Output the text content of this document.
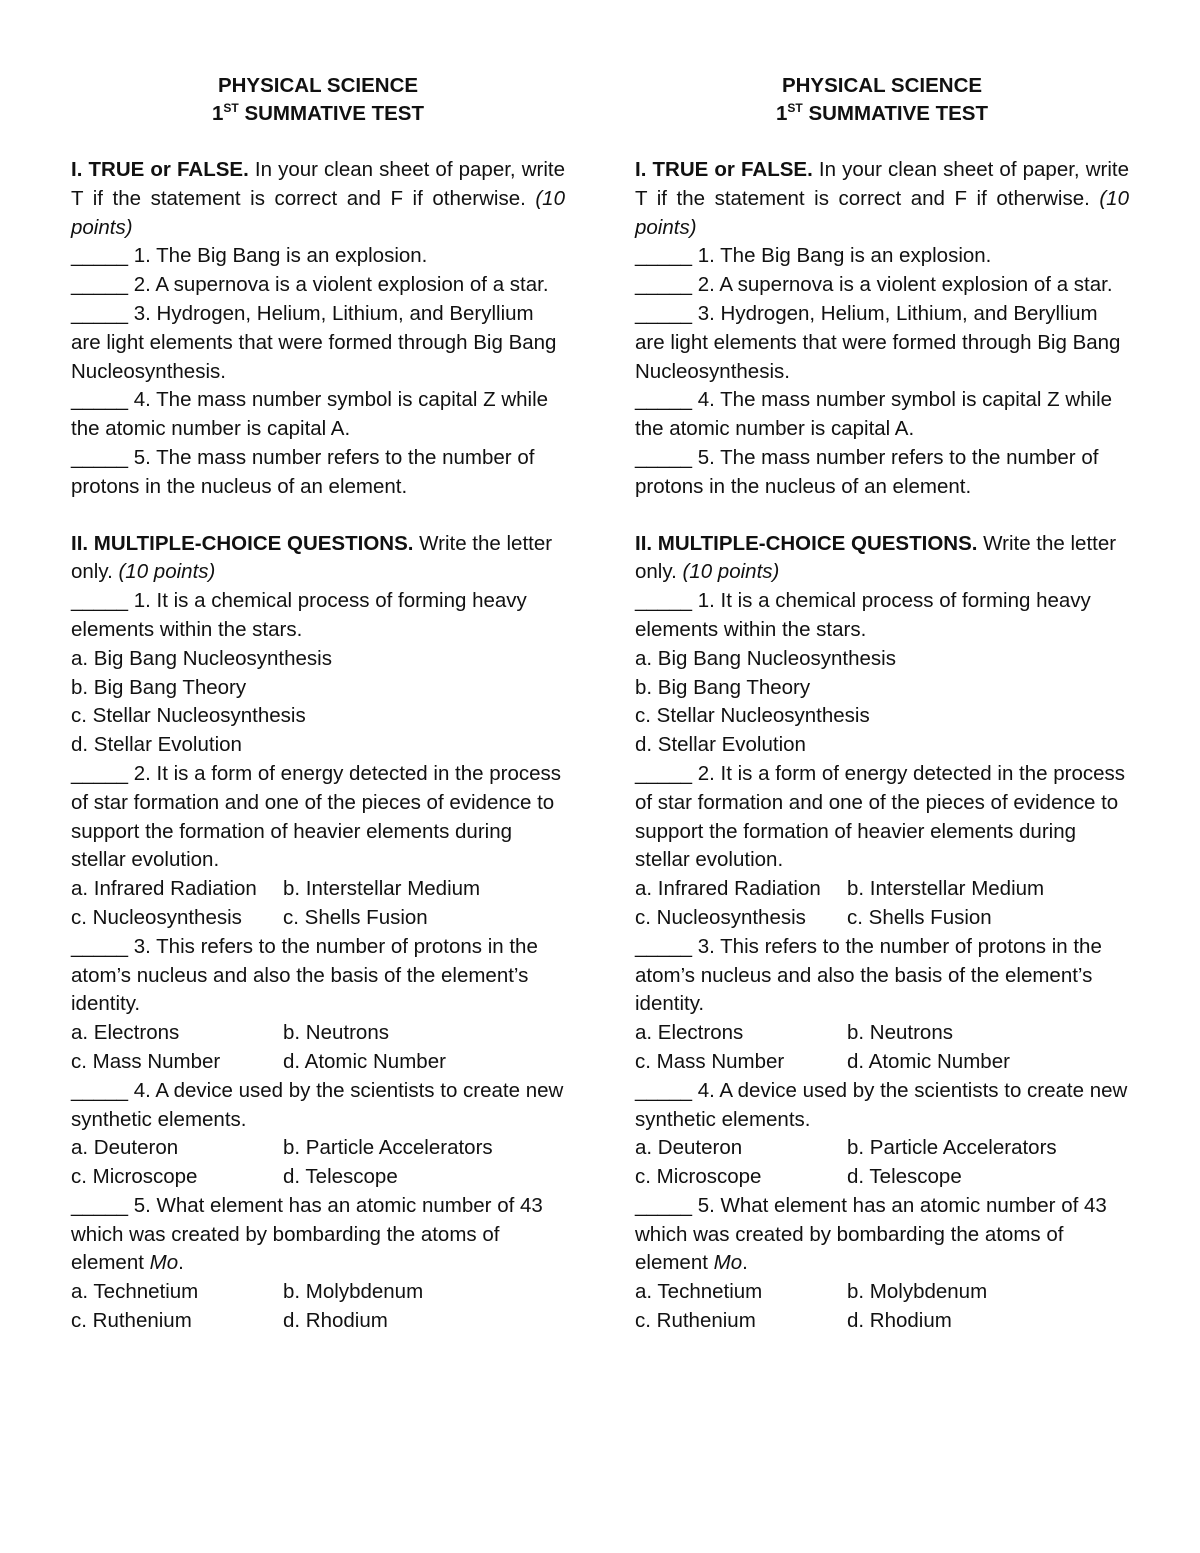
PHYSICAL SCIENCE
1ST SUMMATIVE TEST
I. TRUE or FALSE. In your clean sheet of paper, write T if the statement is correct and F if otherwise. (10 points)
_____ 1. The Big Bang is an explosion.
_____ 2. A supernova is a violent explosion of a star.
_____ 3. Hydrogen, Helium, Lithium, and Beryllium are light elements that were formed through Big Bang Nucleosynthesis.
_____ 4. The mass number symbol is capital Z while the atomic number is capital A.
_____ 5. The mass number refers to the number of protons in the nucleus of an element.
II. MULTIPLE-CHOICE QUESTIONS. Write the letter only. (10 points)
_____ 1. It is a chemical process of forming heavy elements within the stars.
a. Big Bang Nucleosynthesis
b. Big Bang Theory
c. Stellar Nucleosynthesis
d. Stellar Evolution
_____ 2. It is a form of energy detected in the process of star formation and one of the pieces of evidence to support the formation of heavier elements during stellar evolution.
a. Infrared Radiation	b. Interstellar Medium
c. Nucleosynthesis	c. Shells Fusion
_____ 3. This refers to the number of protons in the atom’s nucleus and also the basis of the element’s identity.
a. Electrons	b. Neutrons
c. Mass Number	d. Atomic Number
_____ 4. A device used by the scientists to create new synthetic elements.
a. Deuteron	b. Particle Accelerators
c. Microscope	d. Telescope
_____ 5. What element has an atomic number of 43 which was created by bombarding the atoms of element Mo.
a. Technetium	b. Molybdenum
c. Ruthenium	d. Rhodium
PHYSICAL SCIENCE
1ST SUMMATIVE TEST
I. TRUE or FALSE. In your clean sheet of paper, write T if the statement is correct and F if otherwise. (10 points)
_____ 1. The Big Bang is an explosion.
_____ 2. A supernova is a violent explosion of a star.
_____ 3. Hydrogen, Helium, Lithium, and Beryllium are light elements that were formed through Big Bang Nucleosynthesis.
_____ 4. The mass number symbol is capital Z while the atomic number is capital A.
_____ 5. The mass number refers to the number of protons in the nucleus of an element.
II. MULTIPLE-CHOICE QUESTIONS. Write the letter only. (10 points)
_____ 1. It is a chemical process of forming heavy elements within the stars.
a. Big Bang Nucleosynthesis
b. Big Bang Theory
c. Stellar Nucleosynthesis
d. Stellar Evolution
_____ 2. It is a form of energy detected in the process of star formation and one of the pieces of evidence to support the formation of heavier elements during stellar evolution.
a. Infrared Radiation	b. Interstellar Medium
c. Nucleosynthesis	c. Shells Fusion
_____ 3. This refers to the number of protons in the atom’s nucleus and also the basis of the element’s identity.
a. Electrons	b. Neutrons
c. Mass Number	d. Atomic Number
_____ 4. A device used by the scientists to create new synthetic elements.
a. Deuteron	b. Particle Accelerators
c. Microscope	d. Telescope
_____ 5. What element has an atomic number of 43 which was created by bombarding the atoms of element Mo.
a. Technetium	b. Molybdenum
c. Ruthenium	d. Rhodium
